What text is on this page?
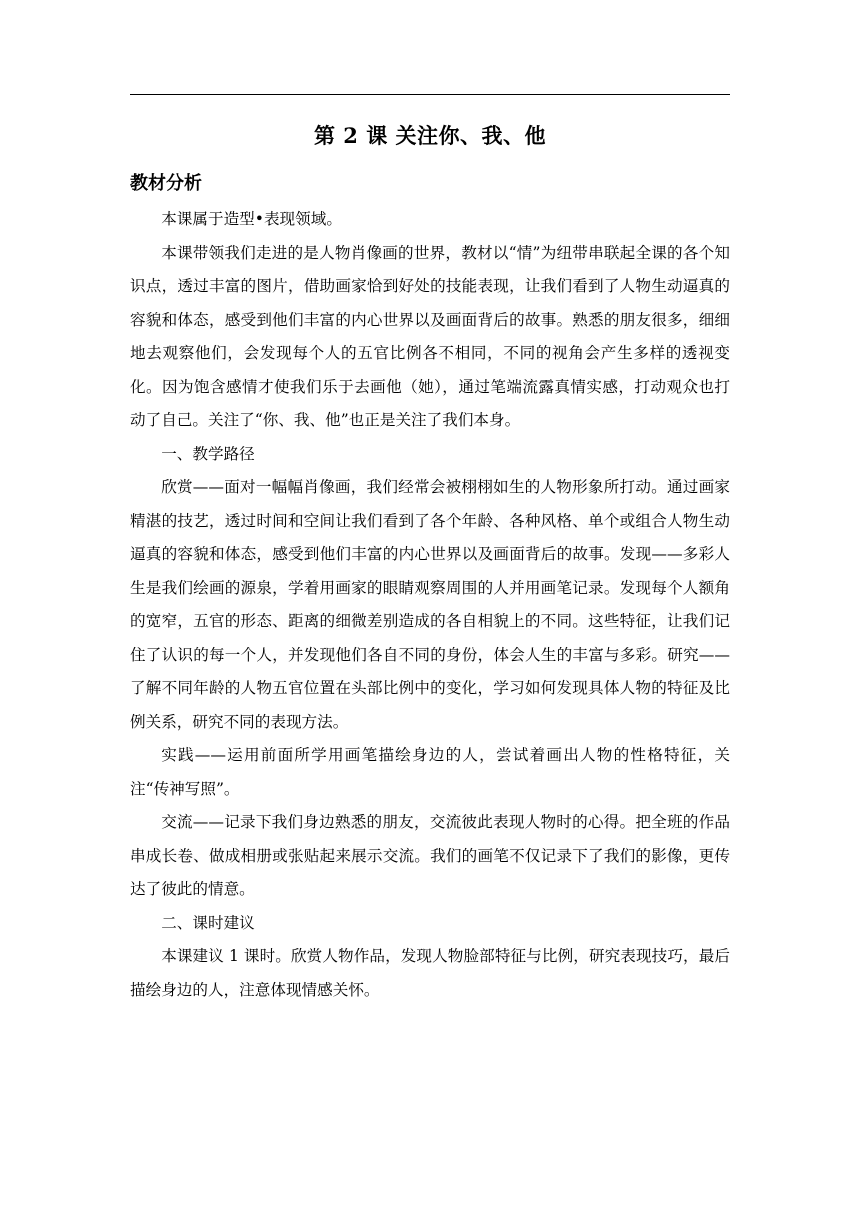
第 2 课 关注你、我、他
教材分析

本课属于造型•表现领域。

本课带领我们走进的是人物肖像画的世界，教材以“情”为纽带串联起全课的各个知识点，透过丰富的图片，借助画家恰到好处的技能表现，让我们看到了人物生动逼真的容貌和体态，感受到他们丰富的内心世界以及画面背后的故事。熟悉的朋友很多，细细地去观察他们，会发现每个人的五官比例各不相同，不同的视角会产生多样的透视变化。因为饱含感情才使我们乐于去画他（她），通过笔端流露真情实感，打动观众也打动了自己。关注了“你、我、他”也正是关注了我们本身。

一、教学路径

欣赏——面对一幅幅肖像画，我们经常会被栩栩如生的人物形象所打动。通过画家精湛的技艺，透过时间和空间让我们看到了各个年龄、各种风格、单个或组合人物生动逼真的容貌和体态，感受到他们丰富的内心世界以及画面背后的故事。发现——多彩人生是我们绘画的源泉，学着用画家的眼睛观察周围的人并用画笔记录。发现每个人额角的宽窄，五官的形态、距离的细微差别造成的各自相貌上的不同。这些特征，让我们记住了认识的每一个人，并发现他们各自不同的身份，体会人生的丰富与多彩。研究——了解不同年龄的人物五官位置在头部比例中的变化，学习如何发现具体人物的特征及比例关系，研究不同的表现方法。

实践——运用前面所学用画笔描绘身边的人，尝试着画出人物的性格特征，关注“传神写照”。

交流——记录下我们身边熟悉的朋友，交流彼此表现人物时的心得。把全班的作品串成长卷、做成相册或张贴起来展示交流。我们的画笔不仅记录下了我们的影像，更传达了彼此的情意。

二、课时建议

本课建议 1 课时。欣赏人物作品，发现人物脸部特征与比例，研究表现技巧，最后描绘身边的人，注意体现情感关怀。
